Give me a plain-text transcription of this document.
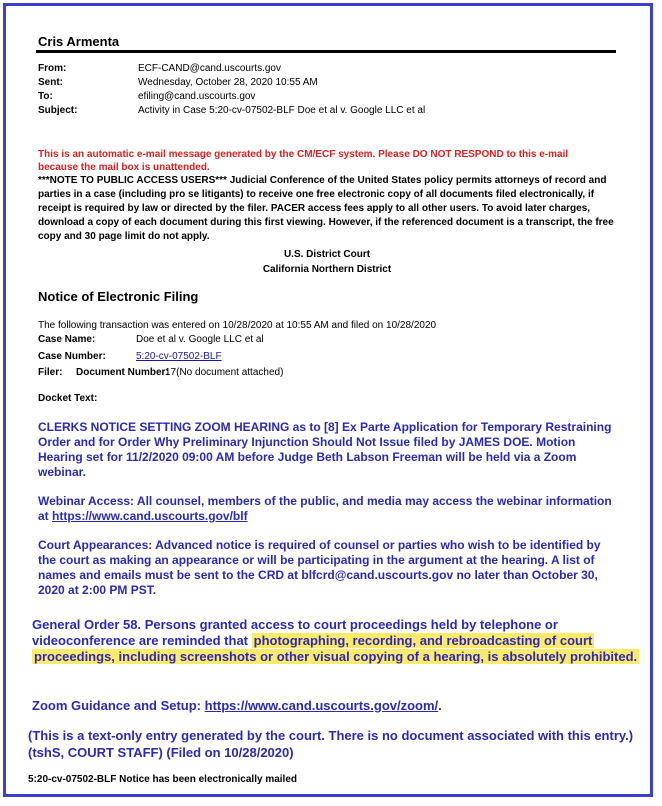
Cris Armenta
From:	ECF-CAND@cand.uscourts.gov
Sent:	Wednesday, October 28, 2020 10:55 AM
To:	efiling@cand.uscourts.gov
Subject:	Activity in Case 5:20-cv-07502-BLF Doe et al v. Google LLC et al
This is an automatic e-mail message generated by the CM/ECF system. Please DO NOT RESPOND to this e-mail because the mail box is unattended.
***NOTE TO PUBLIC ACCESS USERS*** Judicial Conference of the United States policy permits attorneys of record and parties in a case (including pro se litigants) to receive one free electronic copy of all documents filed electronically, if receipt is required by law or directed by the filer. PACER access fees apply to all other users. To avoid later charges, download a copy of each document during this first viewing. However, if the referenced document is a transcript, the free copy and 30 page limit do not apply.
U.S. District Court
California Northern District
Notice of Electronic Filing
The following transaction was entered on 10/28/2020 at 10:55 AM and filed on 10/28/2020
Case Name:	Doe et al v. Google LLC et al
Case Number:	5:20-cv-07502-BLF
Filer: Document Number:
17(No document attached)
Docket Text:
CLERKS NOTICE SETTING ZOOM HEARING as to [8] Ex Parte Application for Temporary Restraining Order and for Order Why Preliminary Injunction Should Not Issue filed by JAMES DOE. Motion Hearing set for 11/2/2020 09:00 AM before Judge Beth Labson Freeman will be held via a Zoom webinar.
Webinar Access: All counsel, members of the public, and media may access the webinar information at https://www.cand.uscourts.gov/blf
Court Appearances: Advanced notice is required of counsel or parties who wish to be identified by the court as making an appearance or will be participating in the argument at the hearing. A list of names and emails must be sent to the CRD at blfcrd@cand.uscourts.gov no later than October 30, 2020 at 2:00 PM PST.
General Order 58. Persons granted access to court proceedings held by telephone or videoconference are reminded that photographing, recording, and rebroadcasting of court proceedings, including screenshots or other visual copying of a hearing, is absolutely prohibited.
Zoom Guidance and Setup: https://www.cand.uscourts.gov/zoom/.
(This is a text-only entry generated by the court. There is no document associated with this entry.) (tshS, COURT STAFF) (Filed on 10/28/2020)
5:20-cv-07502-BLF Notice has been electronically mailed
